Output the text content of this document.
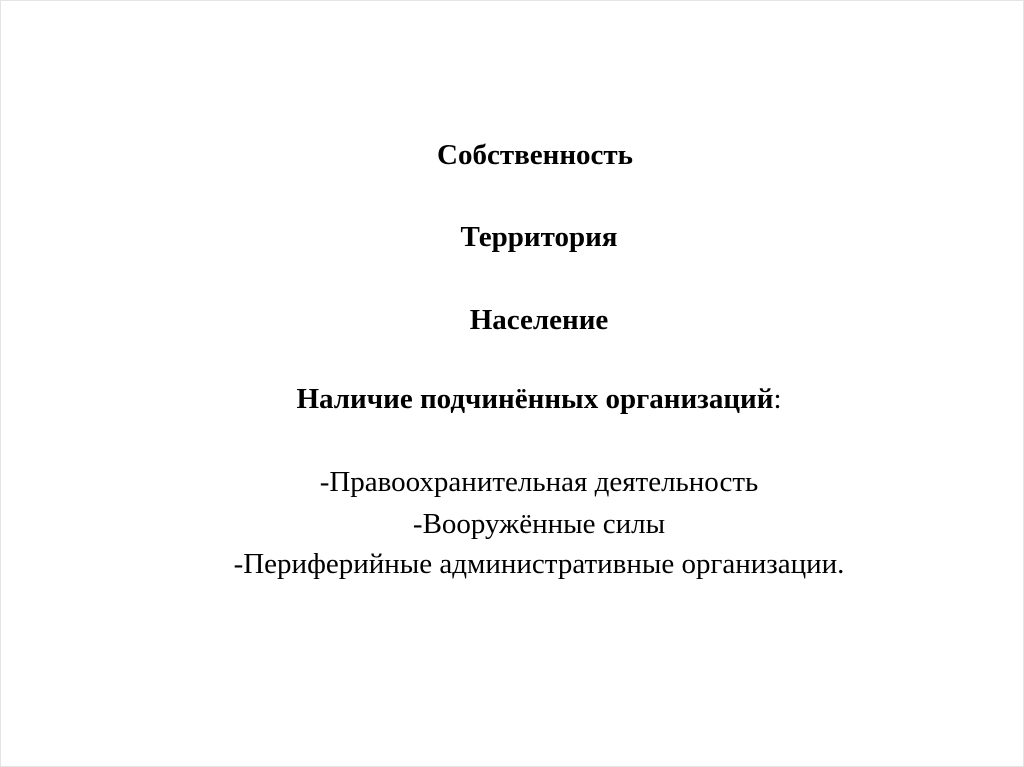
Собственность
Территория
Население
Наличие подчинённых организаций:
-Правоохранительная деятельность
-Вооружённые силы
-Периферийные административные организации.
